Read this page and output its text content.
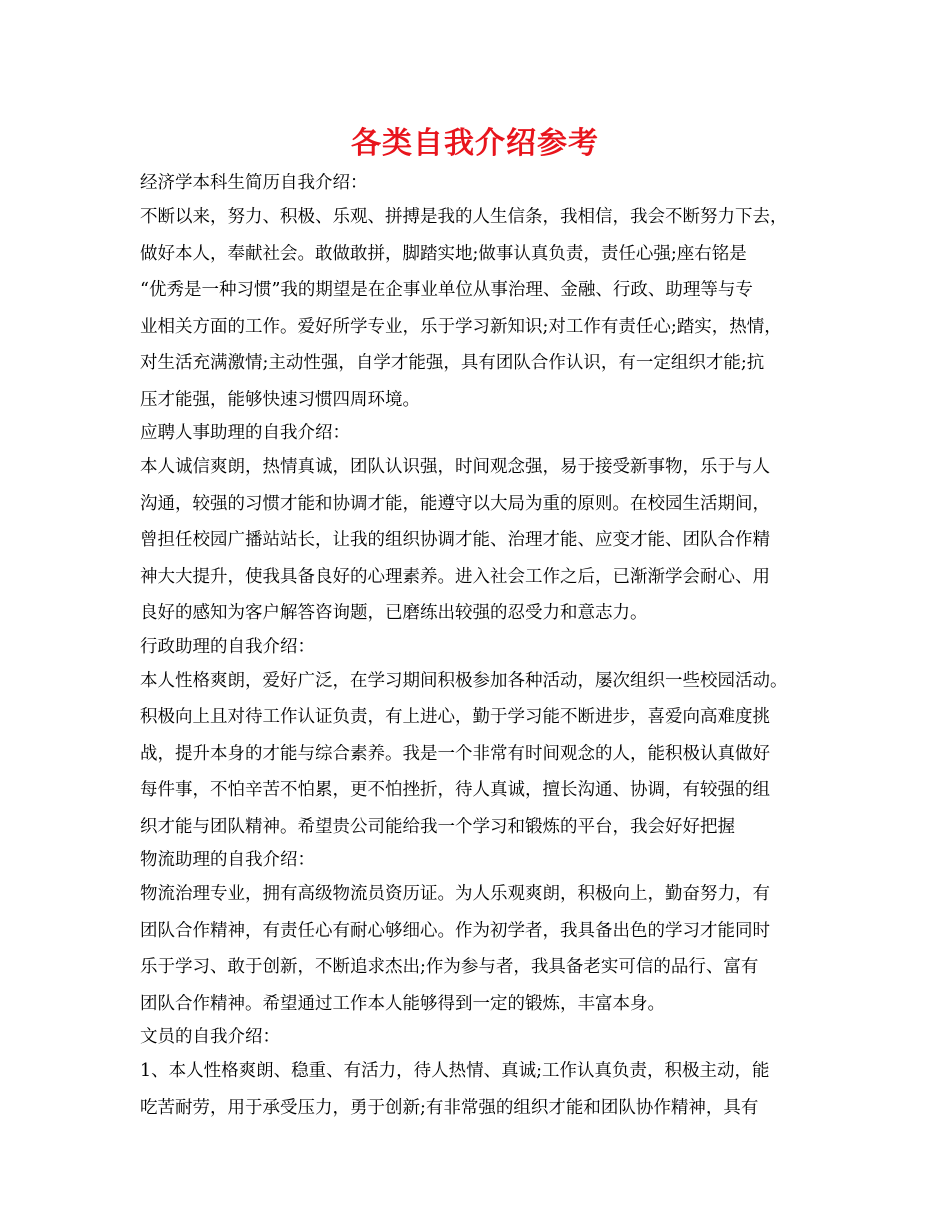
各类自我介绍参考
经济学本科生简历自我介绍：
不断以来，努力、积极、乐观、拼搏是我的人生信条，我相信，我会不断努力下去，
做好本人，奉献社会。敢做敢拼，脚踏实地;做事认真负责，责任心强;座右铭是
“优秀是一种习惯”我的期望是在企事业单位从事治理、金融、行政、助理等与专
业相关方面的工作。爱好所学专业，乐于学习新知识;对工作有责任心;踏实，热情，
对生活充满激情;主动性强，自学才能强，具有团队合作认识，有一定组织才能;抗
压才能强，能够快速习惯四周环境。
应聘人事助理的自我介绍：
本人诚信爽朗，热情真诚，团队认识强，时间观念强，易于接受新事物，乐于与人
沟通，较强的习惯才能和协调才能，能遵守以大局为重的原则。在校园生活期间，
曾担任校园广播站站长，让我的组织协调才能、治理才能、应变才能、团队合作精
神大大提升，使我具备良好的心理素养。进入社会工作之后，已渐渐学会耐心、用
良好的感知为客户解答咨询题，已磨练出较强的忍受力和意志力。
行政助理的自我介绍：
本人性格爽朗，爱好广泛，在学习期间积极参加各种活动，屡次组织一些校园活动。
积极向上且对待工作认证负责，有上进心，勤于学习能不断进步，喜爱向高难度挑
战，提升本身的才能与综合素养。我是一个非常有时间观念的人，能积极认真做好
每件事，不怕辛苦不怕累，更不怕挫折，待人真诚，擅长沟通、协调，有较强的组
织才能与团队精神。希望贵公司能给我一个学习和锻炼的平台，我会好好把握
物流助理的自我介绍：
物流治理专业，拥有高级物流员资历证。为人乐观爽朗，积极向上，勤奋努力，有
团队合作精神，有责任心有耐心够细心。作为初学者，我具备出色的学习才能同时
乐于学习、敢于创新，不断追求杰出;作为参与者，我具备老实可信的品行、富有
团队合作精神。希望通过工作本人能够得到一定的锻炼，丰富本身。
文员的自我介绍：
1、本人性格爽朗、稳重、有活力，待人热情、真诚;工作认真负责，积极主动，能
吃苦耐劳，用于承受压力，勇于创新;有非常强的组织才能和团队协作精神，具有
